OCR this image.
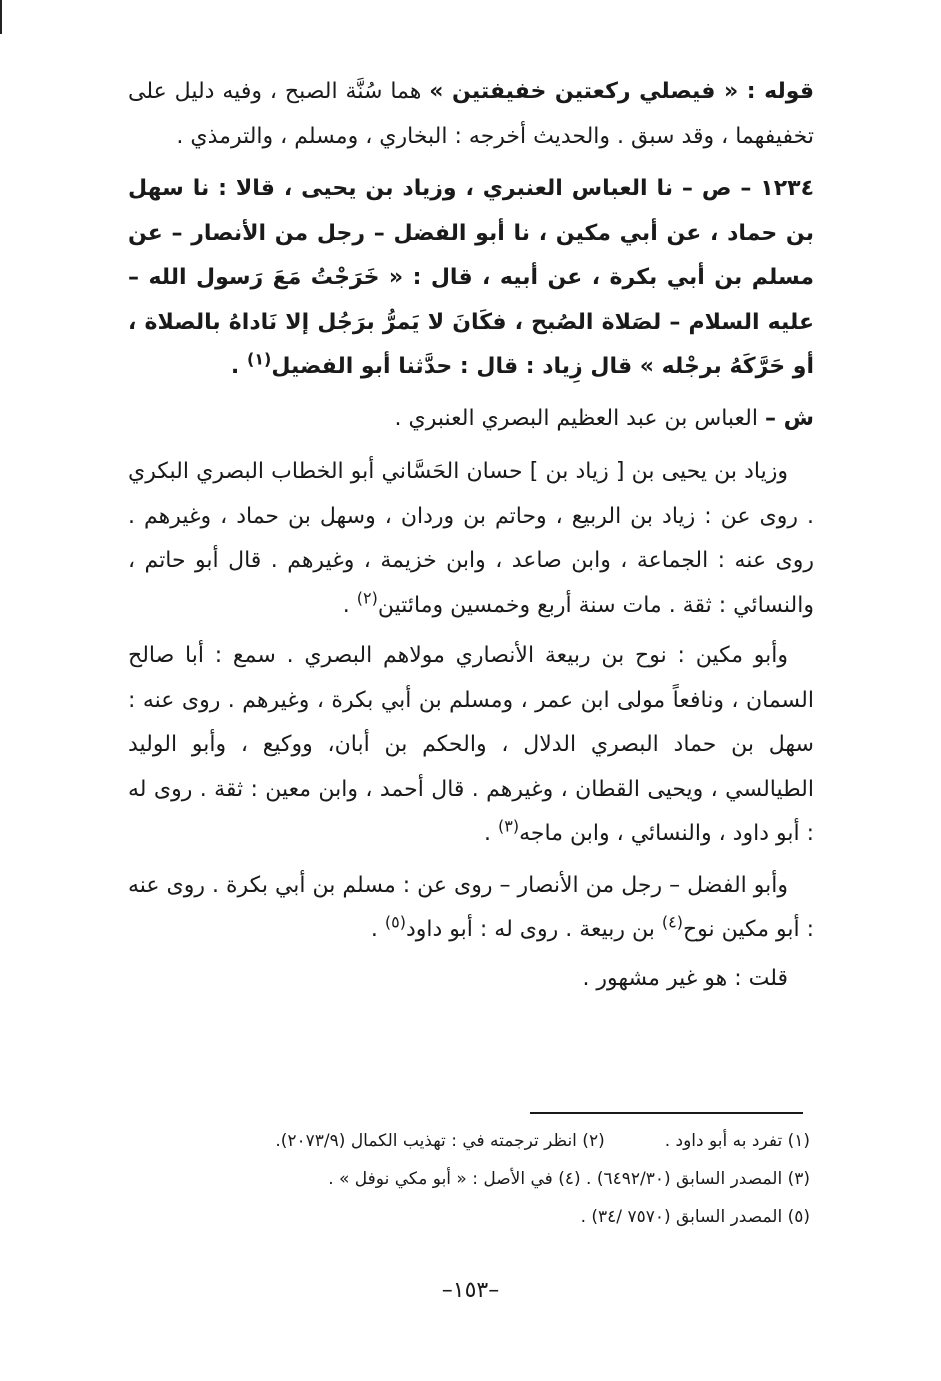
قوله : « فيصلي ركعتين خفيفتين » هما سُنَّة الصبح ، وفيه دليل على تخفيفهما ، وقد سبق . والحديث أخرجه : البخاري ، ومسلم ، والترمذي .

١٢٣٤ – ص – نا العباس العنبري ، وزياد بن يحيى ، قالا : نا سهل بن حماد ، عن أبي مكين ، نا أبو الفضل – رجل من الأنصار – عن مسلم بن أبي بكرة ، عن أبيه ، قال : « خَرَجْتُ مَعَ رَسول الله – عليه السلام – لصَلاة الصُبح ، فكَانَ لا يَمرُّ برَجُل إلا نَاداهُ بالصلاة ، أو حَرَّكَهُ برجْله » قال زِياد : قال : حدَّثنا أبو الفضيل$^{(١)}$ .

ش – العباس بن عبد العظيم البصري العنبري .

وزياد بن يحيى بن [ زياد بن ] حسان الحَسَّاني أبو الخطاب البصري البكري . روى عن : زياد بن الربيع ، وحاتم بن وردان ، وسهل بن حماد ، وغيرهم . روى عنه : الجماعة ، وابن صاعد ، وابن خزيمة ، وغيرهم . قال أبو حاتم ، والنسائي : ثقة . مات سنة أربع وخمسين ومائتين$^{(٢)}$ .

وأبو مكين : نوح بن ربيعة الأنصاري مولاهم البصري . سمع : أبا صالح السمان ، ونافعاً مولى ابن عمر ، ومسلم بن أبي بكرة ، وغيرهم . روى عنه : سهل بن حماد البصري الدلال ، والحكم بن أبان، ووكيع ، وأبو الوليد الطيالسي ، ويحيى القطان ، وغيرهم . قال أحمد ، وابن معين : ثقة . روى له : أبو داود ، والنسائي ، وابن ماجه$^{(٣)}$ .

وأبو الفضل – رجل من الأنصار – روى عن : مسلم بن أبي بكرة . روى عنه : أبو مكين نوح$^{(٤)}$ بن ربيعة . روى له : أبو داود$^{(٥)}$ .

قلت : هو غير مشهور .

(١) تفرد به أبو داود .(٢) انظر ترجمته في : تهذيب الكمال (٢٠٧٣/٩).
(٣) المصدر السابق (٦٤٩٢/٣٠) . (٤) في الأصل : « أبو مكي نوفل » .
(٥) المصدر السابق (٧٥٧٠ /٣٤) .
–١٥٣–
